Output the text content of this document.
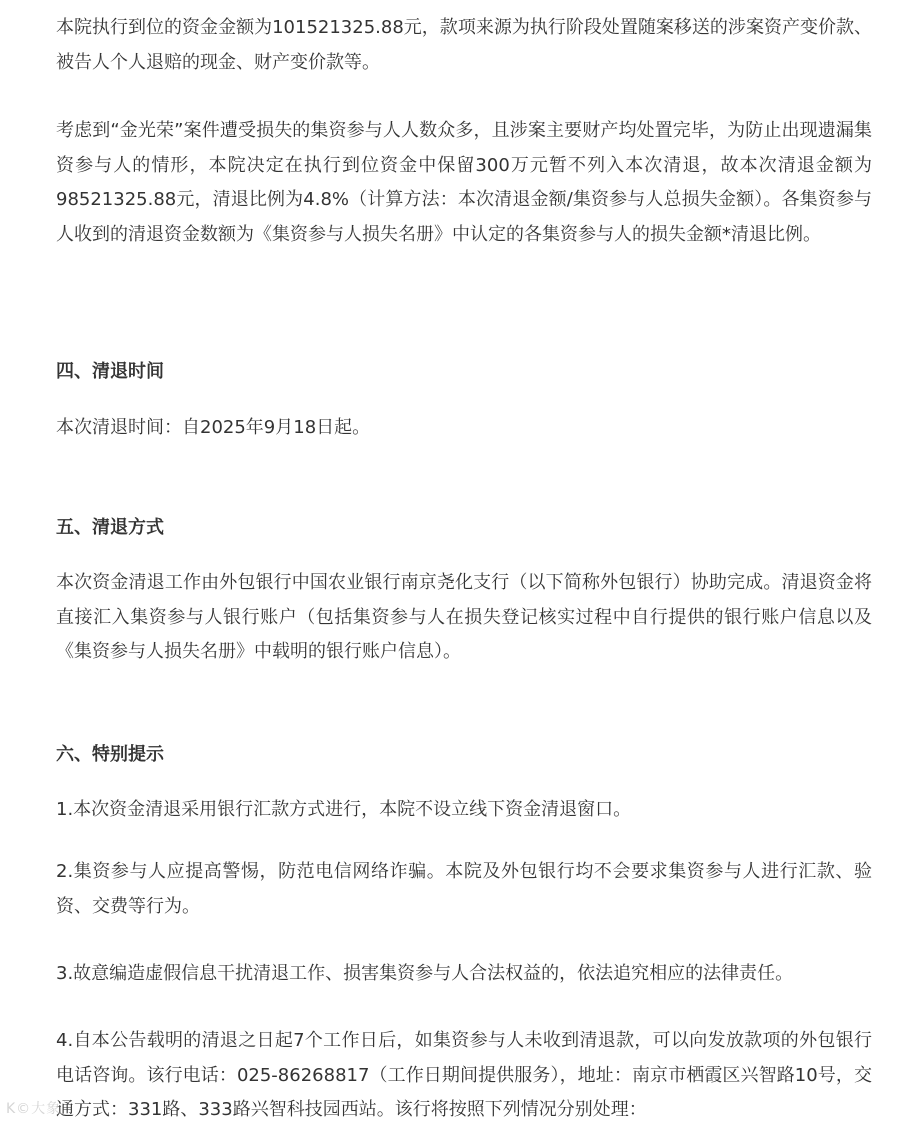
本院执行到位的资金金额为101521325.88元，款项来源为执行阶段处置随案移送的涉案资产变价款、被告人个人退赔的现金、财产变价款等。

考虑到“金光荣”案件遭受损失的集资参与人人数众多，且涉案主要财产均处置完毕，为防止出现遗漏集资参与人的情形，本院决定在执行到位资金中保留300万元暂不列入本次清退，故本次清退金额为98521325.88元，清退比例为4.8%（计算方法：本次清退金额/集资参与人总损失金额）。各集资参与人收到的清退资金数额为《集资参与人损失名册》中认定的各集资参与人的损失金额*清退比例。

四、清退时间

本次清退时间：自2025年9月18日起。

五、清退方式

本次资金清退工作由外包银行中国农业银行南京尧化支行（以下简称外包银行）协助完成。清退资金将直接汇入集资参与人银行账户（包括集资参与人在损失登记核实过程中自行提供的银行账户信息以及《集资参与人损失名册》中载明的银行账户信息）。

六、特别提示

1.本次资金清退采用银行汇款方式进行，本院不设立线下资金清退窗口。

2.集资参与人应提高警惕，防范电信网络诈骗。本院及外包银行均不会要求集资参与人进行汇款、验资、交费等行为。

3.故意编造虚假信息干扰清退工作、损害集资参与人合法权益的，依法追究相应的法律责任。

4.自本公告载明的清退之日起7个工作日后，如集资参与人未收到清退款，可以向发放款项的外包银行电话咨询。该行电话：025-86268817（工作日期间提供服务），地址：南京市栖霞区兴智路10号，交通方式：331路、333路兴智科技园西站。该行将按照下列情况分别处理：

K©大象
